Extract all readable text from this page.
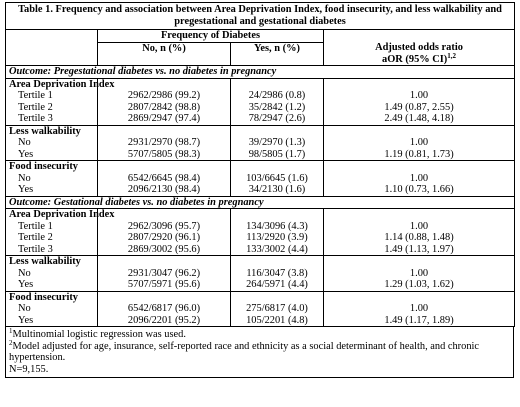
Table 1. Frequency and association between Area Deprivation Index, food insecurity, and less walkability and pregestational and gestational diabetes			
	Frequency of Diabetes		
	No, n (%)	Yes, n (%)	Adjusted odds ratio
aOR (95% CI)$^{1,2}$
Outcome: Pregestational diabetes vs. no diabetes in pregnancy			
Area Deprivation Index			
Tertile 1	2962/2986 (99.2)	24/2986 (0.8)	1.00
Tertile 2	2807/2842 (98.8)	35/2842 (1.2)	1.49 (0.87, 2.55)
Tertile 3	2869/2947 (97.4)	78/2947 (2.6)	2.49 (1.48, 4.18)
Less walkability			
No	2931/2970 (98.7)	39/2970 (1.3)	1.00
Yes	5707/5805 (98.3)	98/5805 (1.7)	1.19 (0.81, 1.73)
Food insecurity			
No	6542/6645 (98.4)	103/6645 (1.6)	1.00
Yes	2096/2130 (98.4)	34/2130 (1.6)	1.10 (0.73, 1.66)
Outcome: Gestational diabetes vs. no diabetes in pregnancy			
Area Deprivation Index			
Tertile 1	2962/3096 (95.7)	134/3096 (4.3)	1.00
Tertile 2	2807/2920 (96.1)	113/2920 (3.9)	1.14 (0.88, 1.48)
Tertile 3	2869/3002 (95.6)	133/3002 (4.4)	1.49 (1.13, 1.97)
Less walkability			
No	2931/3047 (96.2)	116/3047 (3.8)	1.00
Yes	5707/5971 (95.6)	264/5971 (4.4)	1.29 (1.03, 1.62)
Food insecurity			
No	6542/6817 (96.0)	275/6817 (4.0)	1.00
Yes	2096/2201 (95.2)	105/2201 (4.8)	1.49 (1.17, 1.89)
$^1$Multinomial logistic regression was used.
$^2$Model adjusted for age, insurance, self-reported race and ethnicity as a social determinant of health, and chronic hypertension.
N=9,155.
